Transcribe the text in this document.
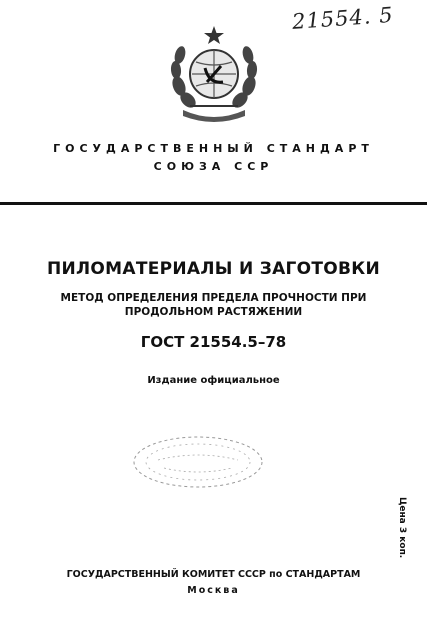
21554. 5
ГОСУДАРСТВЕННЫЙ СТАНДАРТ
СОЮЗА ССР
ПИЛОМАТЕРИАЛЫ И ЗАГОТОВКИ
МЕТОД ОПРЕДЕЛЕНИЯ ПРЕДЕЛА ПРОЧНОСТИ ПРИ ПРОДОЛЬНОМ РАСТЯЖЕНИИ
ГОСТ 21554.5–78
Издание официальное
Цена 3 коп.
ГОСУДАРСТВЕННЫЙ КОМИТЕТ СССР по СТАНДАРТАМ
Москва
